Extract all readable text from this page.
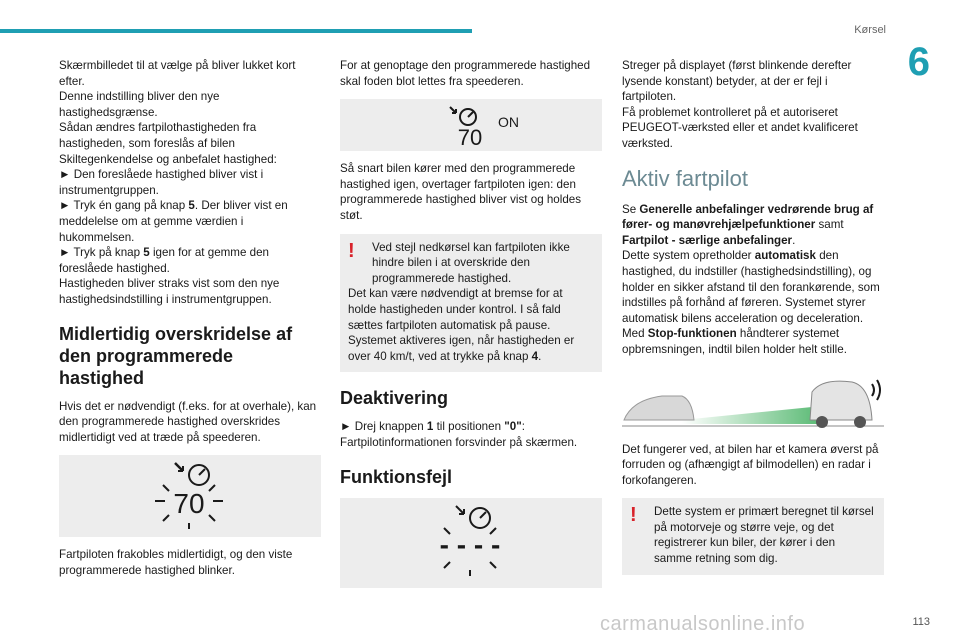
Kørsel
6

Skærmbilledet til at vælge på bliver lukket kort efter.

Denne indstilling bliver den nye hastighedsgrænse.

Sådan ændres fartpilothastigheden fra hastigheden, som foreslås af bilen Skiltegenkendelse og anbefalet hastighed:

► Den foreslåede hastighed bliver vist i instrumentgruppen.

► Tryk én gang på knap 5. Der bliver vist en meddelelse om at gemme værdien i hukommelsen.

► Tryk på knap 5 igen for at gemme den foreslåede hastighed.

Hastigheden bliver straks vist som den nye hastighedsindstilling i instrumentgruppen.

Midlertidig overskridelse af den programmerede hastighed

Hvis det er nødvendigt (f.eks. for at overhale), kan den programmerede hastighed overskrides midlertidigt ved at træde på speederen.

70

Fartpiloten frakobles midlertidigt, og den viste programmerede hastighed blinker.

For at genoptage den programmerede hastighed skal foden blot lettes fra speederen.

ON
70

Så snart bilen kører med den programmerede hastighed igen, overtager fartpiloten igen: den programmerede hastighed bliver vist og holdes støt.

!	Ved stejl nedkørsel kan fartpiloten ikke hindre bilen i at overskride den programmerede hastighed.

Det kan være nødvendigt at bremse for at holde hastigheden under kontrol. I så fald sættes fartpiloten automatisk på pause.

Systemet aktiveres igen, når hastigheden er over 40 km/t, ved at trykke på knap 4.

Deaktivering

► Drej knappen 1 til positionen "0": Fartpilotinformationen forsvinder på skærmen.

Funktionsfejl
- - - -

Streger på displayet (først blinkende derefter lysende konstant) betyder, at der er fejl i fartpiloten.

Få problemet kontrolleret på et autoriseret PEUGEOT-værksted eller et andet kvalificeret værksted.

Aktiv fartpilot

Se Generelle anbefalinger vedrørende brug af fører- og manøvrehjælpefunktioner samt Fartpilot - særlige anbefalinger.

Dette system opretholder automatisk den hastighed, du indstiller (hastighedsindstilling), og holder en sikker afstand til den forankørende, som indstilles på forhånd af føreren. Systemet styrer automatisk bilens acceleration og deceleration.

Med Stop-funktionen håndterer systemet opbremsningen, indtil bilen holder helt stille.

Det fungerer ved, at bilen har et kamera øverst på forruden og (afhængigt af bilmodellen) en radar i forkofangeren.

!	Dette system er primært beregnet til kørsel på motorveje og større veje, og det registrerer kun biler, der kører i den samme retning som dig.

carmanualsonline.info	113
